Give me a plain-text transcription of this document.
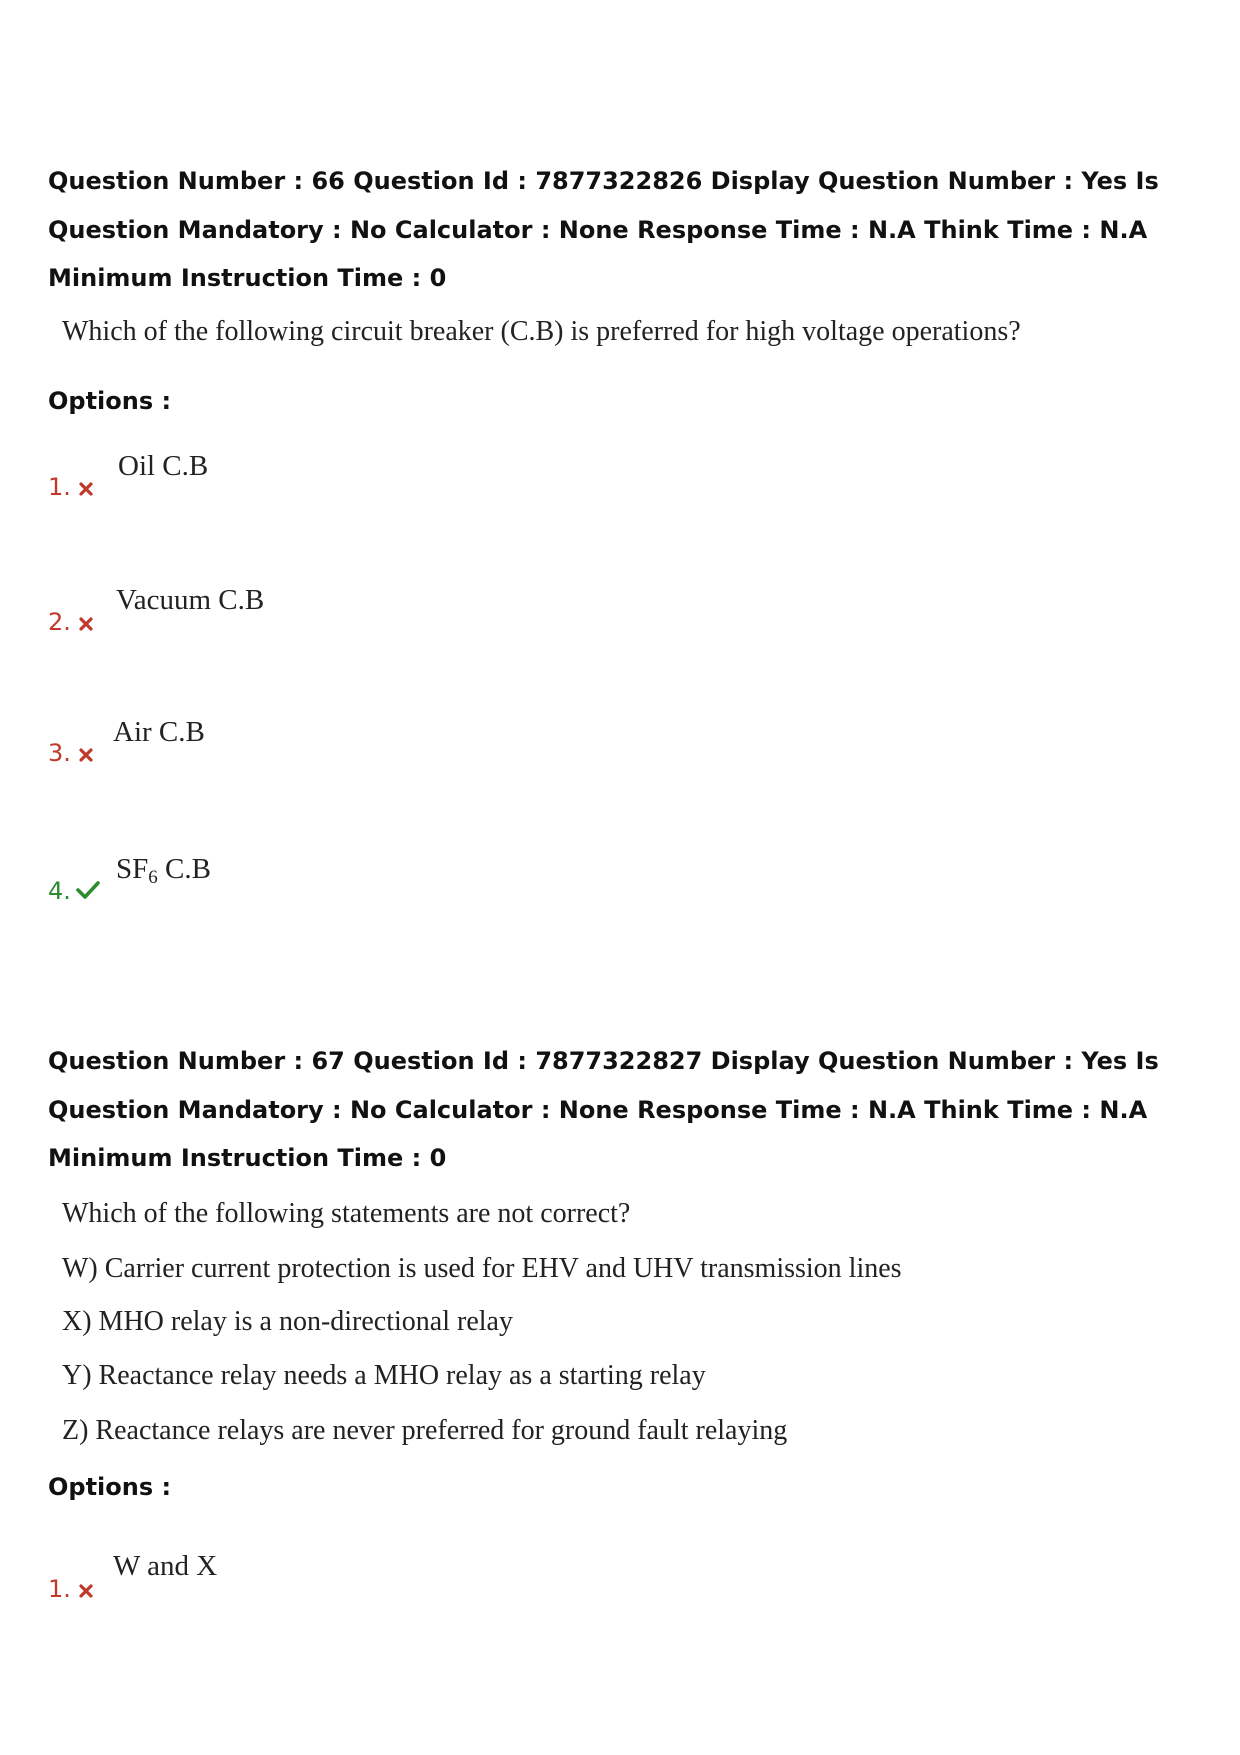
Question Number : 66 Question Id : 7877322826 Display Question Number : Yes Is Question Mandatory : No Calculator : None Response Time : N.A Think Time : N.A Minimum Instruction Time : 0
Which of the following circuit breaker (C.B) is preferred for high voltage operations?
Options :
1.
Oil C.B
2.
Vacuum C.B
3.
Air C.B
4.
$SF_6$ C.B
Question Number : 67 Question Id : 7877322827 Display Question Number : Yes Is Question Mandatory : No Calculator : None Response Time : N.A Think Time : N.A Minimum Instruction Time : 0
Which of the following statements are not correct?
W) Carrier current protection is used for EHV and UHV transmission lines
X) MHO relay is a non-directional relay
Y) Reactance relay needs a MHO relay as a starting relay
Z) Reactance relays are never preferred for ground fault relaying
Options :
1.
W and X
